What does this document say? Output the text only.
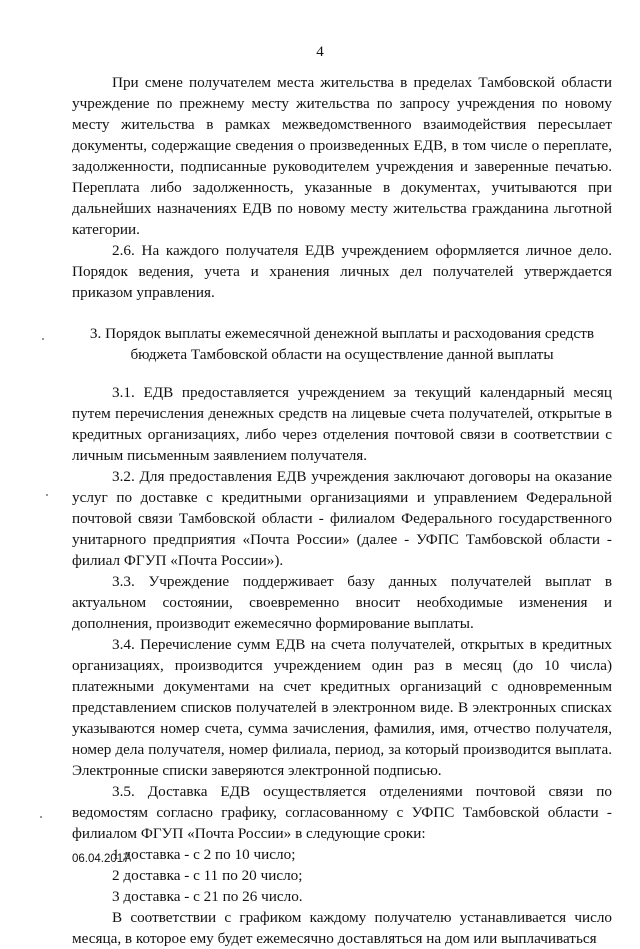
4

При смене получателем места жительства в пределах Тамбовской области учреждение по прежнему месту жительства по запросу учреждения по новому месту жительства в рамках межведомственного взаимодействия пересылает документы, содержащие сведения о произведенных ЕДВ, в том числе о переплате, задолженности, подписанные руководителем учреждения и заверенные печатью. Переплата либо задолженность, указанные в документах, учитываются при дальнейших назначениях ЕДВ по новому месту жительства гражданина льготной категории.

2.6. На каждого получателя ЕДВ учреждением оформляется личное дело. Порядок ведения, учета и хранения личных дел получателей утверждается приказом управления.

3. Порядок выплаты ежемесячной денежной выплаты и расходования средств бюджета Тамбовской области на осуществление данной выплаты

3.1. ЕДВ предоставляется учреждением за текущий календарный месяц путем перечисления денежных средств на лицевые счета получателей, открытые в кредитных организациях, либо через отделения почтовой связи в соответствии с личным письменным заявлением получателя.

3.2. Для предоставления ЕДВ учреждения заключают договоры на оказание услуг по доставке с кредитными организациями и управлением Федеральной почтовой связи Тамбовской области - филиалом Федерального государственного унитарного предприятия «Почта России» (далее - УФПС Тамбовской области - филиал ФГУП «Почта России»).

3.3. Учреждение поддерживает базу данных получателей выплат в актуальном состоянии, своевременно вносит необходимые изменения и дополнения, производит ежемесячно формирование выплаты.

3.4. Перечисление сумм ЕДВ на счета получателей, открытых в кредитных организациях, производится учреждением один раз в месяц (до 10 числа) платежными документами на счет кредитных организаций с одновременным представлением списков получателей в электронном виде. В электронных списках указываются номер счета, сумма зачисления, фамилия, имя, отчество получателя, номер дела получателя, номер филиала, период, за который производится выплата. Электронные списки заверяются электронной подписью.

3.5. Доставка ЕДВ осуществляется отделениями почтовой связи по ведомостям согласно графику, согласованному с УФПС Тамбовской области - филиалом ФГУП «Почта России» в следующие сроки:

1 доставка - с 2 по 10 число;

2 доставка - с 11 по 20 число;

3 доставка - с 21 по 26 число.

В соответствии с графиком каждому получателю устанавливается число месяца, в которое ему будет ежемесячно доставляться на дом или выплачиваться

06.04.2017
